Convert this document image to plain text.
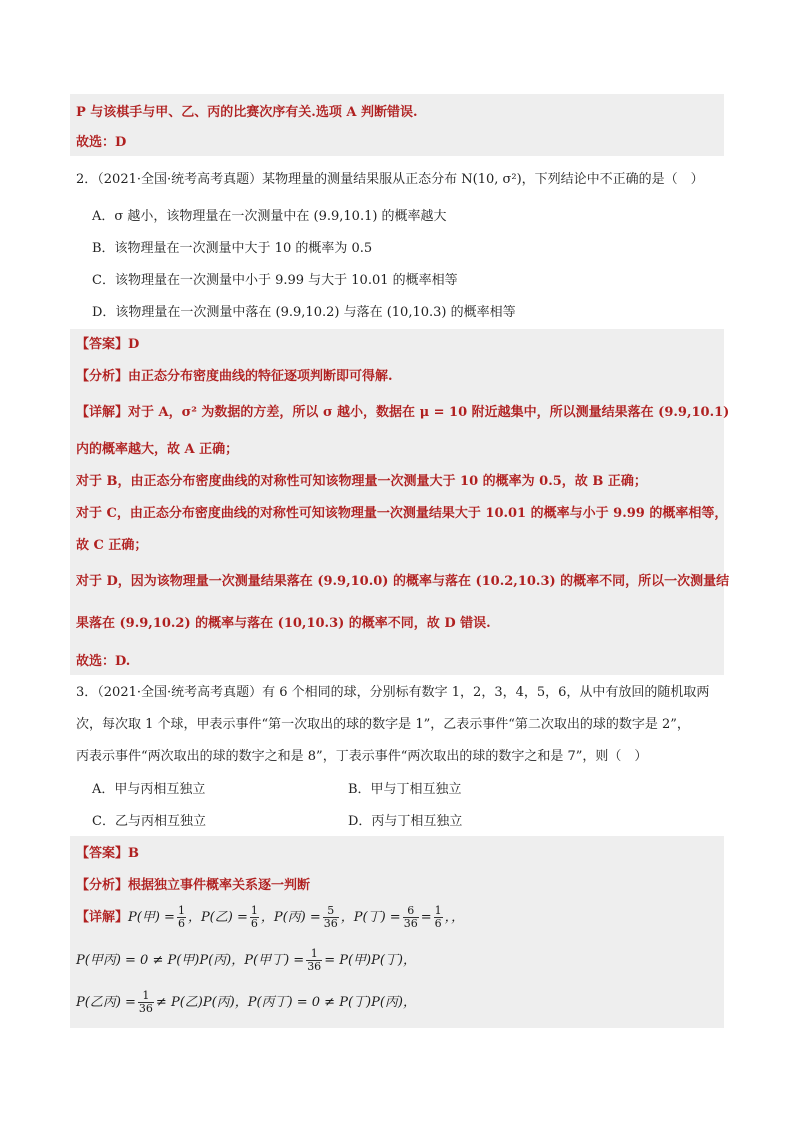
P 与该棋手与甲、乙、丙的比赛次序有关.选项 A 判断错误.
故选：D
2．（2021·全国·统考高考真题）某物理量的测量结果服从正态分布 N(10, σ²)，下列结论中不正确的是（　）
A．σ 越小，该物理量在一次测量中在 (9.9,10.1) 的概率越大
B．该物理量在一次测量中大于 10 的概率为 0.5
C．该物理量在一次测量中小于 9.99 与大于 10.01 的概率相等
D．该物理量在一次测量中落在 (9.9,10.2) 与落在 (10,10.3) 的概率相等
【答案】D
【分析】由正态分布密度曲线的特征逐项判断即可得解.
【详解】对于 A，σ² 为数据的方差，所以 σ 越小，数据在 μ = 10 附近越集中，所以测量结果落在 (9.9,10.1)
内的概率越大，故 A 正确；
对于 B，由正态分布密度曲线的对称性可知该物理量一次测量大于 10 的概率为 0.5，故 B 正确；
对于 C，由正态分布密度曲线的对称性可知该物理量一次测量结果大于 10.01 的概率与小于 9.99 的概率相等，
故 C 正确；
对于 D，因为该物理量一次测量结果落在 (9.9,10.0) 的概率与落在 (10.2,10.3) 的概率不同，所以一次测量结
果落在 (9.9,10.2) 的概率与落在 (10,10.3) 的概率不同，故 D 错误.
故选：D.
3．（2021·全国·统考高考真题）有 6 个相同的球，分别标有数字 1，2，3，4，5，6，从中有放回的随机取两
次，每次取 1 个球，甲表示事件“第一次取出的球的数字是 1”，乙表示事件“第二次取出的球的数字是 2”，
丙表示事件“两次取出的球的数字之和是 8”，丁表示事件“两次取出的球的数字之和是 7”，则（　）
A．甲与丙相互独立	B．甲与丁相互独立
C．乙与丙相互独立	D．丙与丁相互独立
【答案】B
【分析】根据独立事件概率关系逐一判断
【详解】P(甲) = $\frac{1}{6}$ ，P(乙) = $\frac{1}{6}$ ，P(丙) = $\frac{5}{36}$ ，P(丁) = $\frac{6}{36} = \frac{1}{6}$ ，，
P(甲丙) = 0 ≠ P(甲)P(丙)，P(甲丁) = $\frac{1}{36} = P$(甲)P(丁)，
P(乙丙) = $\frac{1}{36} \ne P$(乙)P(丙)，P(丙丁) = 0 ≠ P(丁)P(丙)，
